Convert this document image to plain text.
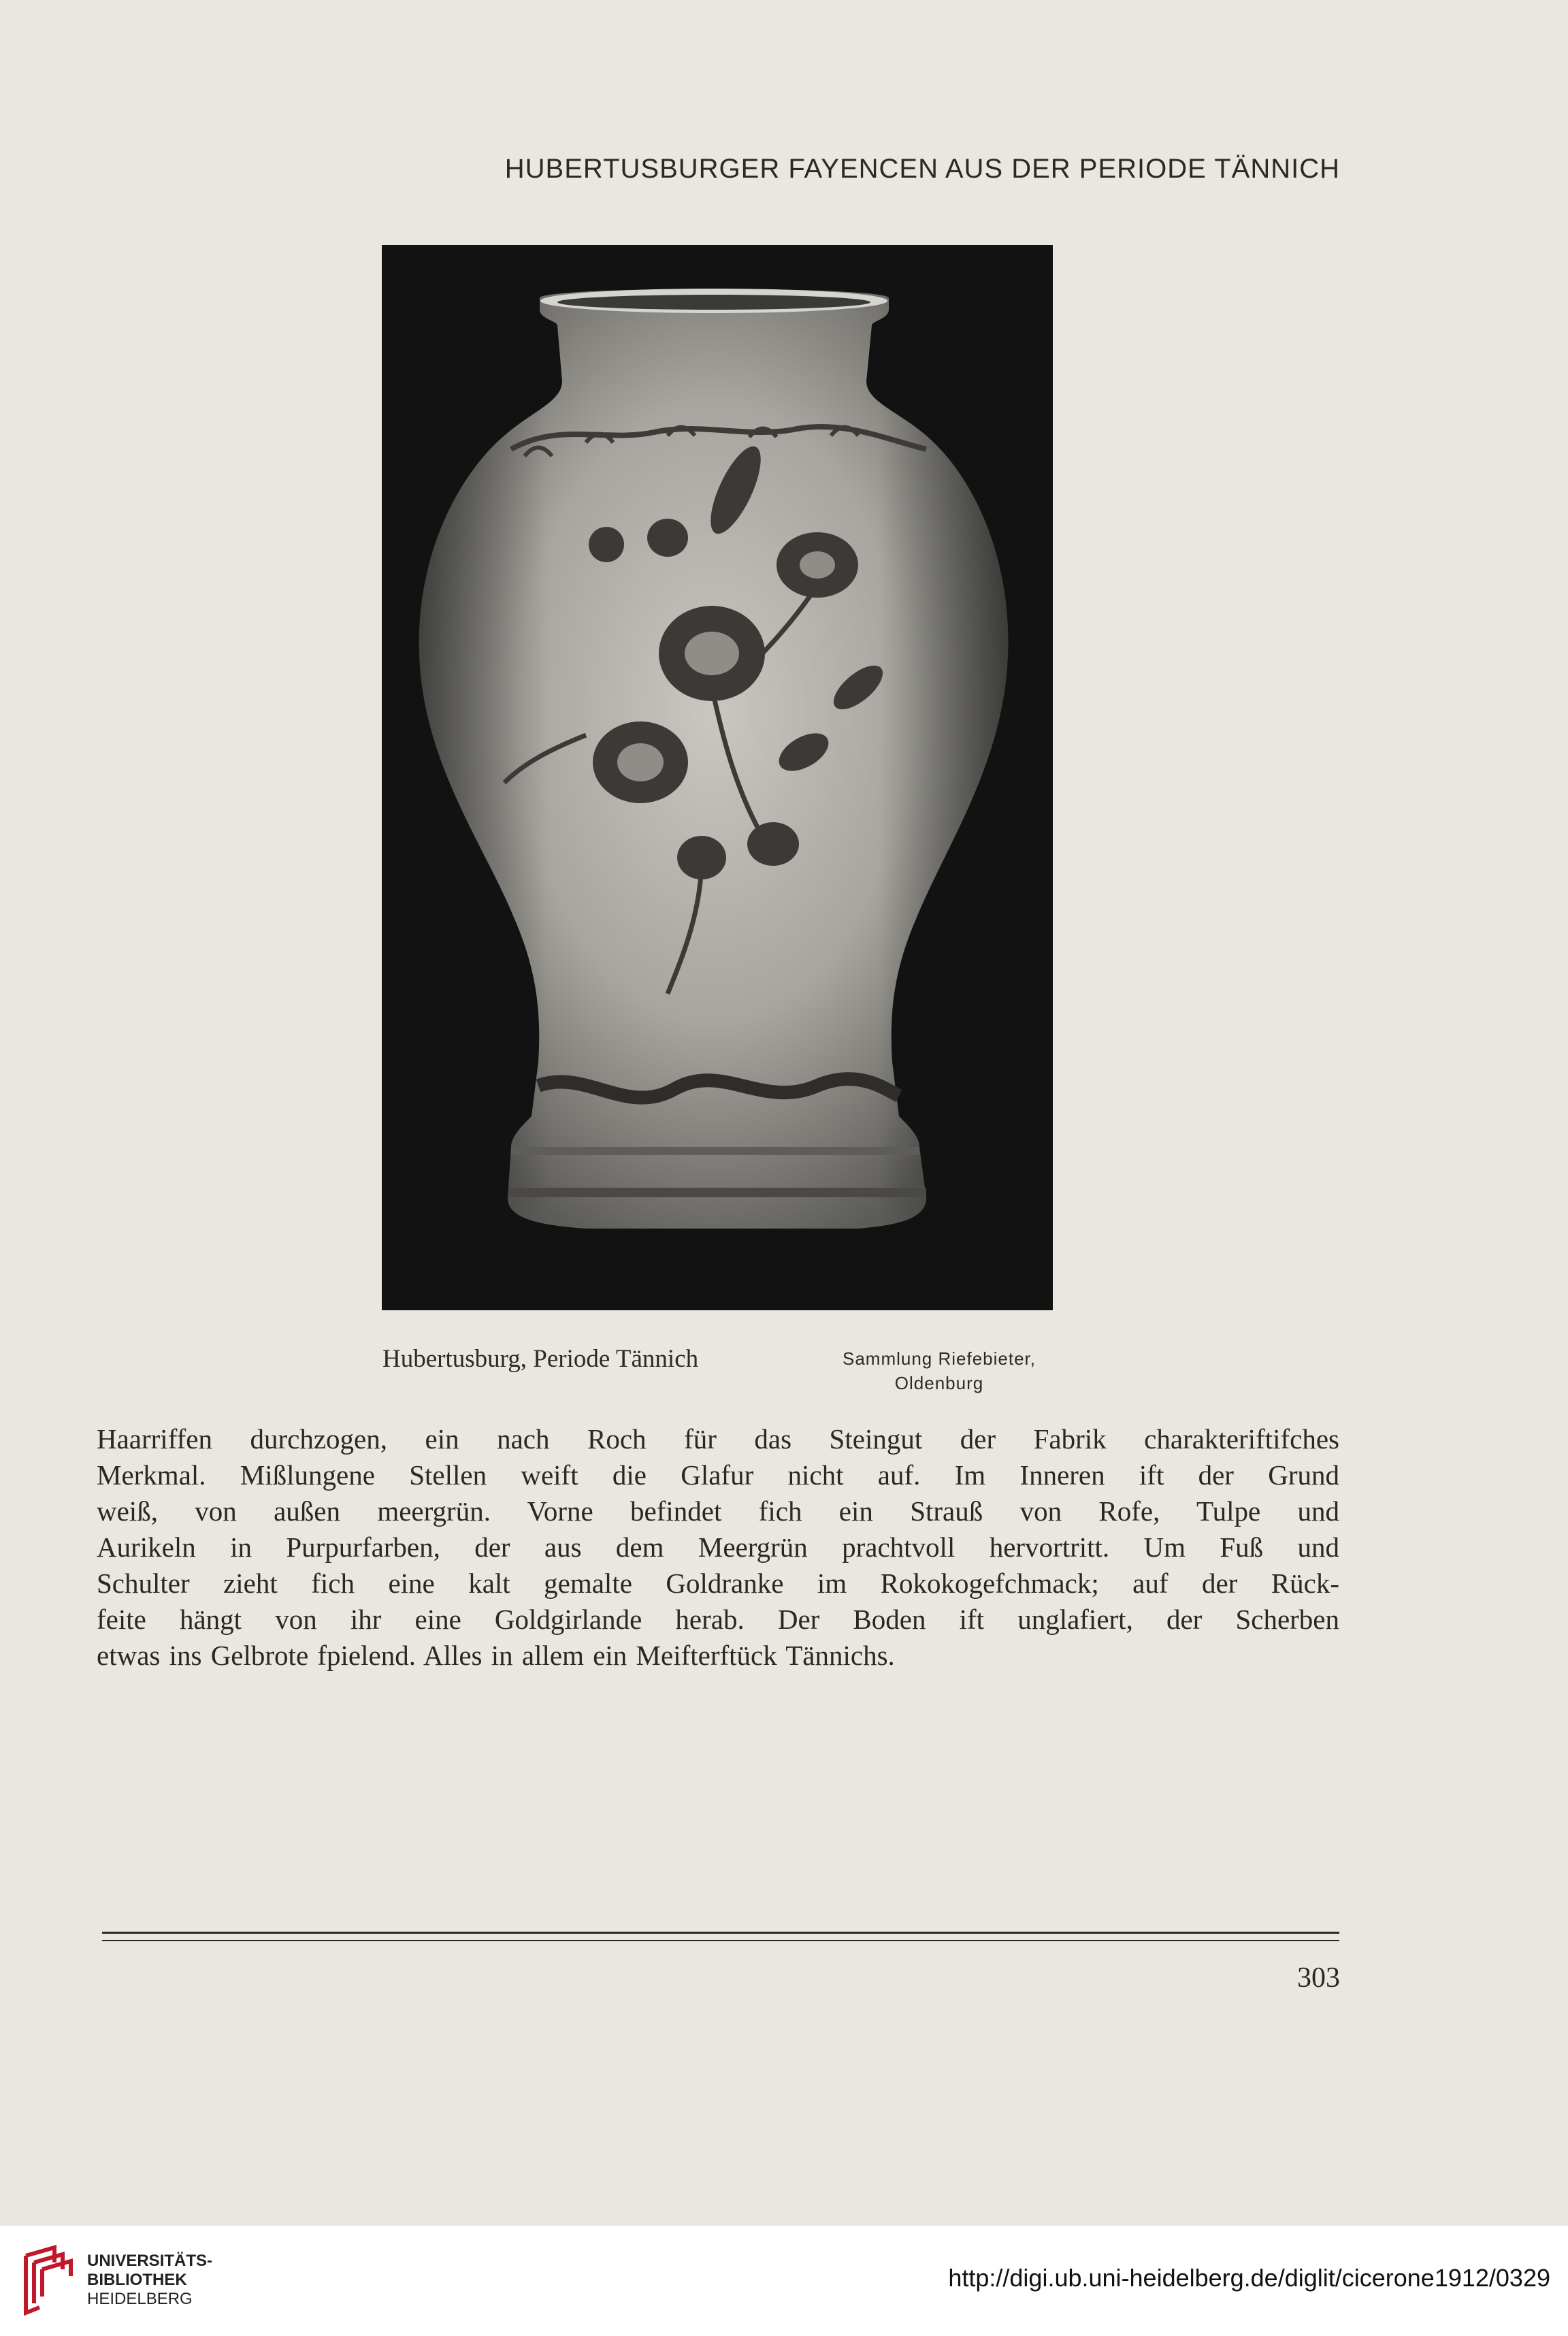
HUBERTUSBURGER FAYENCEN AUS DER PERIODE TÄNNICH
Hubertusburg, Periode Tännich	Sammlung Riefebieter,
Oldenburg
Haarriffen durchzogen, ein nach Roch für das Steingut der Fabrik charakteriftifches
Merkmal. Mißlungene Stellen weift die Glafur nicht auf. Im Inneren ift der Grund
weiß, von außen meergrün. Vorne befindet fich ein Strauß von Rofe, Tulpe und
Aurikeln in Purpurfarben, der aus dem Meergrün prachtvoll hervortritt. Um Fuß und
Schulter zieht fich eine kalt gemalte Goldranke im Rokokogefchmack; auf der Rück-
feite hängt von ihr eine Goldgirlande herab. Der Boden ift unglafiert, der Scherben
etwas ins Gelbrote fpielend. Alles in allem ein Meifterftück Tännichs.
303
UNIVERSITÄTS-
BIBLIOTHEK
HEIDELBERG
http://digi.ub.uni-heidelberg.de/diglit/cicerone1912/0329
